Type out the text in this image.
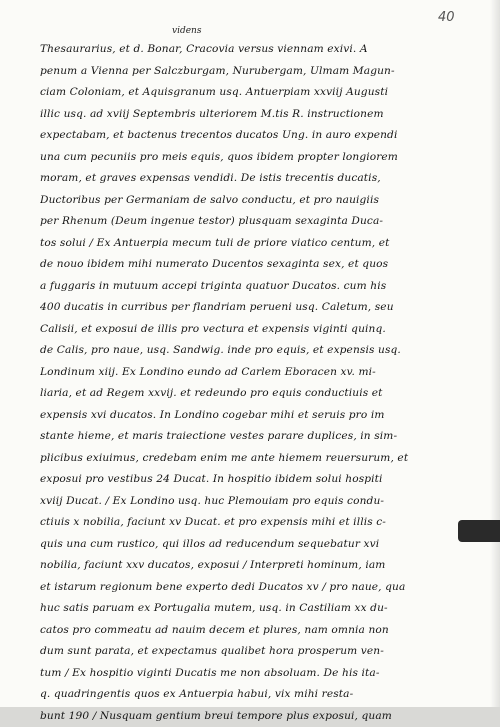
40
videns
Thesaurarius, et d. Bonar, Cracovia versus viennam exivi. A
penum a Vienna per Salczburgam, Nurubergam, Ulmam Magun-
ciam Coloniam, et Aquisgranum usq. Antuerpiam xxviij Augusti
illic usq. ad xviij Septembris ulteriorem M.tis R. instructionem
expectabam, et bactenus trecentos ducatos Ung. in auro expendi
una cum pecuniis pro meis equis, quos ibidem propter longiorem
moram, et graves expensas vendidi. De istis trecentis ducatis,
Ductoribus per Germaniam de salvo conductu, et pro nauigiis
per Rhenum (Deum ingenue testor) plusquam sexaginta Duca-
tos solui / Ex Antuerpia mecum tuli de priore viatico centum, et
de nouo ibidem mihi numerato Ducentos sexaginta sex, et quos
a fuggaris in mutuum accepi triginta quatuor Ducatos. cum his
400 ducatis in curribus per flandriam perueni usq. Caletum, seu
Calisii, et exposui de illis pro vectura et expensis viginti quinq.
de Calis, pro naue, usq. Sandwig. inde pro equis, et expensis usq.
Londinum xiij. Ex Londino eundo ad Carlem Eboracen xv. mi-
liaria, et ad Regem xxvij. et redeundo pro equis conductiuis et
expensis xvi ducatos. In Londino cogebar mihi et seruis pro im
stante hieme, et maris traiectione vestes parare duplices, in sim-
plicibus exiuimus, credebam enim me ante hiemem reuersurum, et
exposui pro vestibus 24 Ducat. In hospitio ibidem solui hospiti
xviij Ducat. / Ex Londino usq. huc Plemouiam pro equis condu-
ctiuis x nobilia, faciunt xv Ducat. et pro expensis mihi et illis c-
quis una cum rustico, qui illos ad reducendum sequebatur xvi
nobilia, faciunt xxv ducatos, exposui / Interpreti hominum, iam
et istarum regionum bene experto dedi Ducatos xv / pro naue, qua
huc satis paruam ex Portugalia mutem, usq. in Castiliam xx du-
catos pro commeatu ad nauim decem et plures, nam omnia non
dum sunt parata, et expectamus qualibet hora prosperum ven-
tum / Ex hospitio viginti Ducatis me non absoluam. De his ita-
q. quadringentis quos ex Antuerpia habui, vix mihi resta-
bunt 190 / Nusquam gentium breui tempore plus exposui, quam
